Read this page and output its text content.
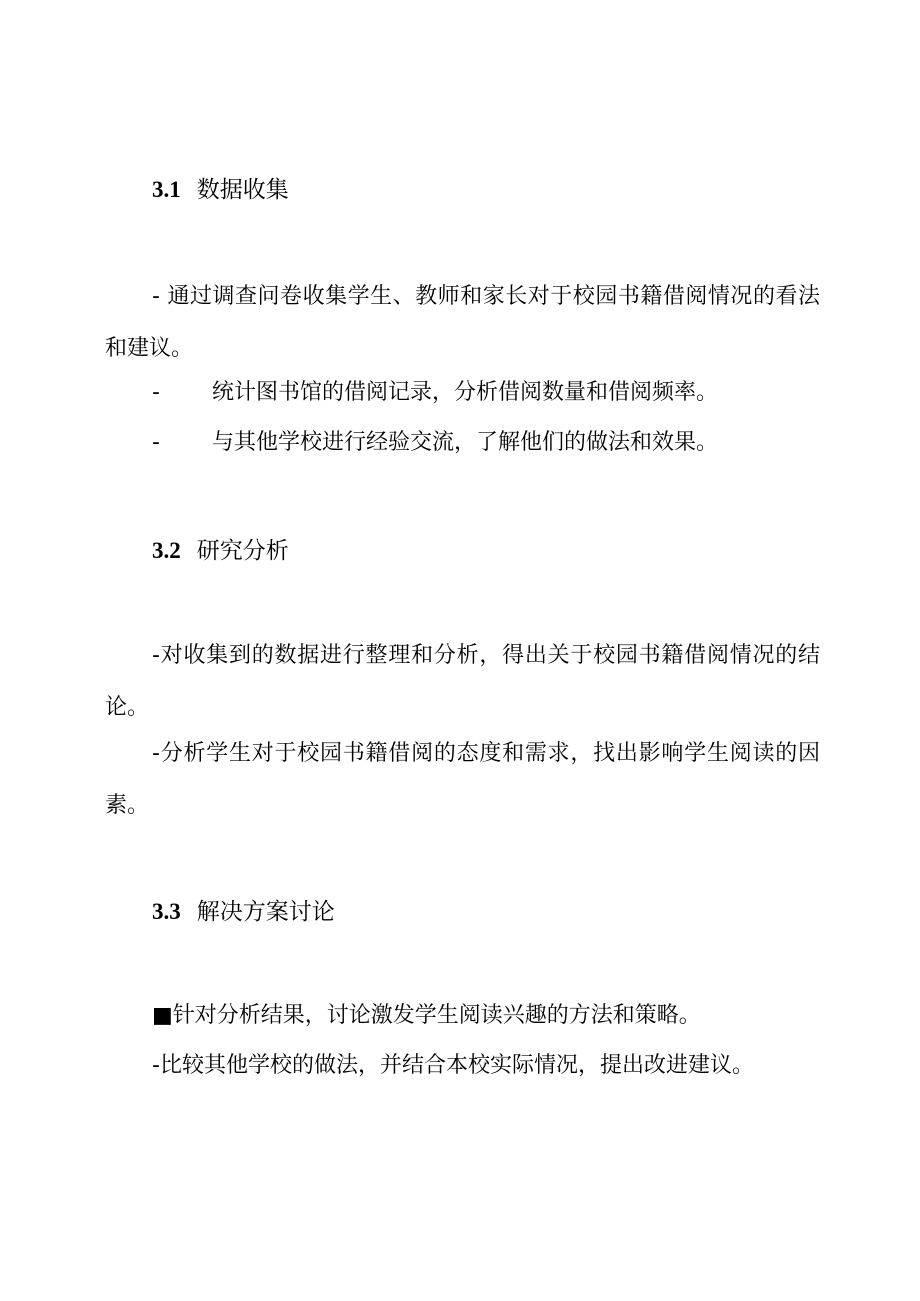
3.1 数据收集

- 通过调查问卷收集学生、教师和家长对于校园书籍借阅情况的看法和建议。

- 统计图书馆的借阅记录，分析借阅数量和借阅频率。
- 与其他学校进行经验交流，了解他们的做法和效果。
3.2 研究分析

-对收集到的数据进行整理和分析，得出关于校园书籍借阅情况的结论。

-分析学生对于校园书籍借阅的态度和需求，找出影响学生阅读的因素。

3.3 解决方案讨论

■针对分析结果，讨论激发学生阅读兴趣的方法和策略。

-比较其他学校的做法，并结合本校实际情况，提出改进建议。
